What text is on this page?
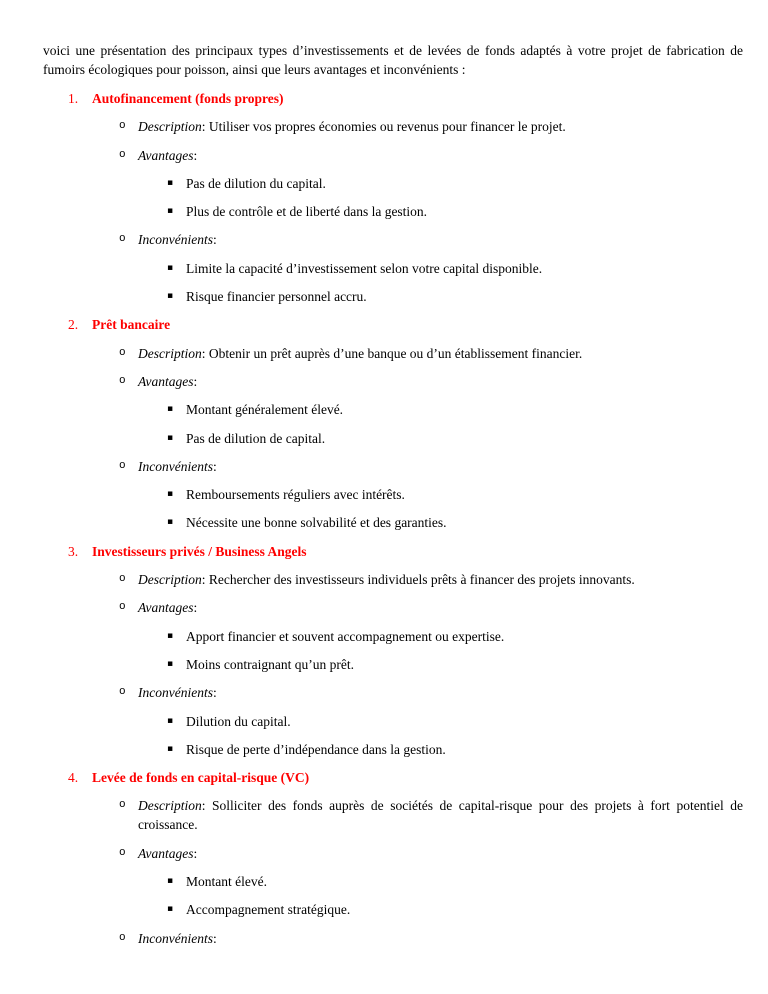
voici une présentation des principaux types d’investissements et de levées de fonds adaptés à votre projet de fabrication de fumoirs écologiques pour poisson, ainsi que leurs avantages et inconvénients :

1. Autofinancement (fonds propres)
o Description: Utiliser vos propres économies ou revenus pour financer le projet.
o Avantages:
▪ Pas de dilution du capital.
▪ Plus de contrôle et de liberté dans la gestion.
o Inconvénients:
▪ Limite la capacité d’investissement selon votre capital disponible.
▪ Risque financier personnel accru.
2. Prêt bancaire
o Description: Obtenir un prêt auprès d’une banque ou d’un établissement financier.
o Avantages:
▪ Montant généralement élevé.
▪ Pas de dilution de capital.
o Inconvénients:
▪ Remboursements réguliers avec intérêts.
▪ Nécessite une bonne solvabilité et des garanties.
3. Investisseurs privés / Business Angels
o Description: Rechercher des investisseurs individuels prêts à financer des projets innovants.
o Avantages:
▪ Apport financier et souvent accompagnement ou expertise.
▪ Moins contraignant qu’un prêt.
o Inconvénients:
▪ Dilution du capital.
▪ Risque de perte d’indépendance dans la gestion.
4. Levée de fonds en capital-risque (VC)
o Description: Solliciter des fonds auprès de sociétés de capital-risque pour des projets à fort potentiel de croissance.
o Avantages:
▪ Montant élevé.
▪ Accompagnement stratégique.
o Inconvénients:
